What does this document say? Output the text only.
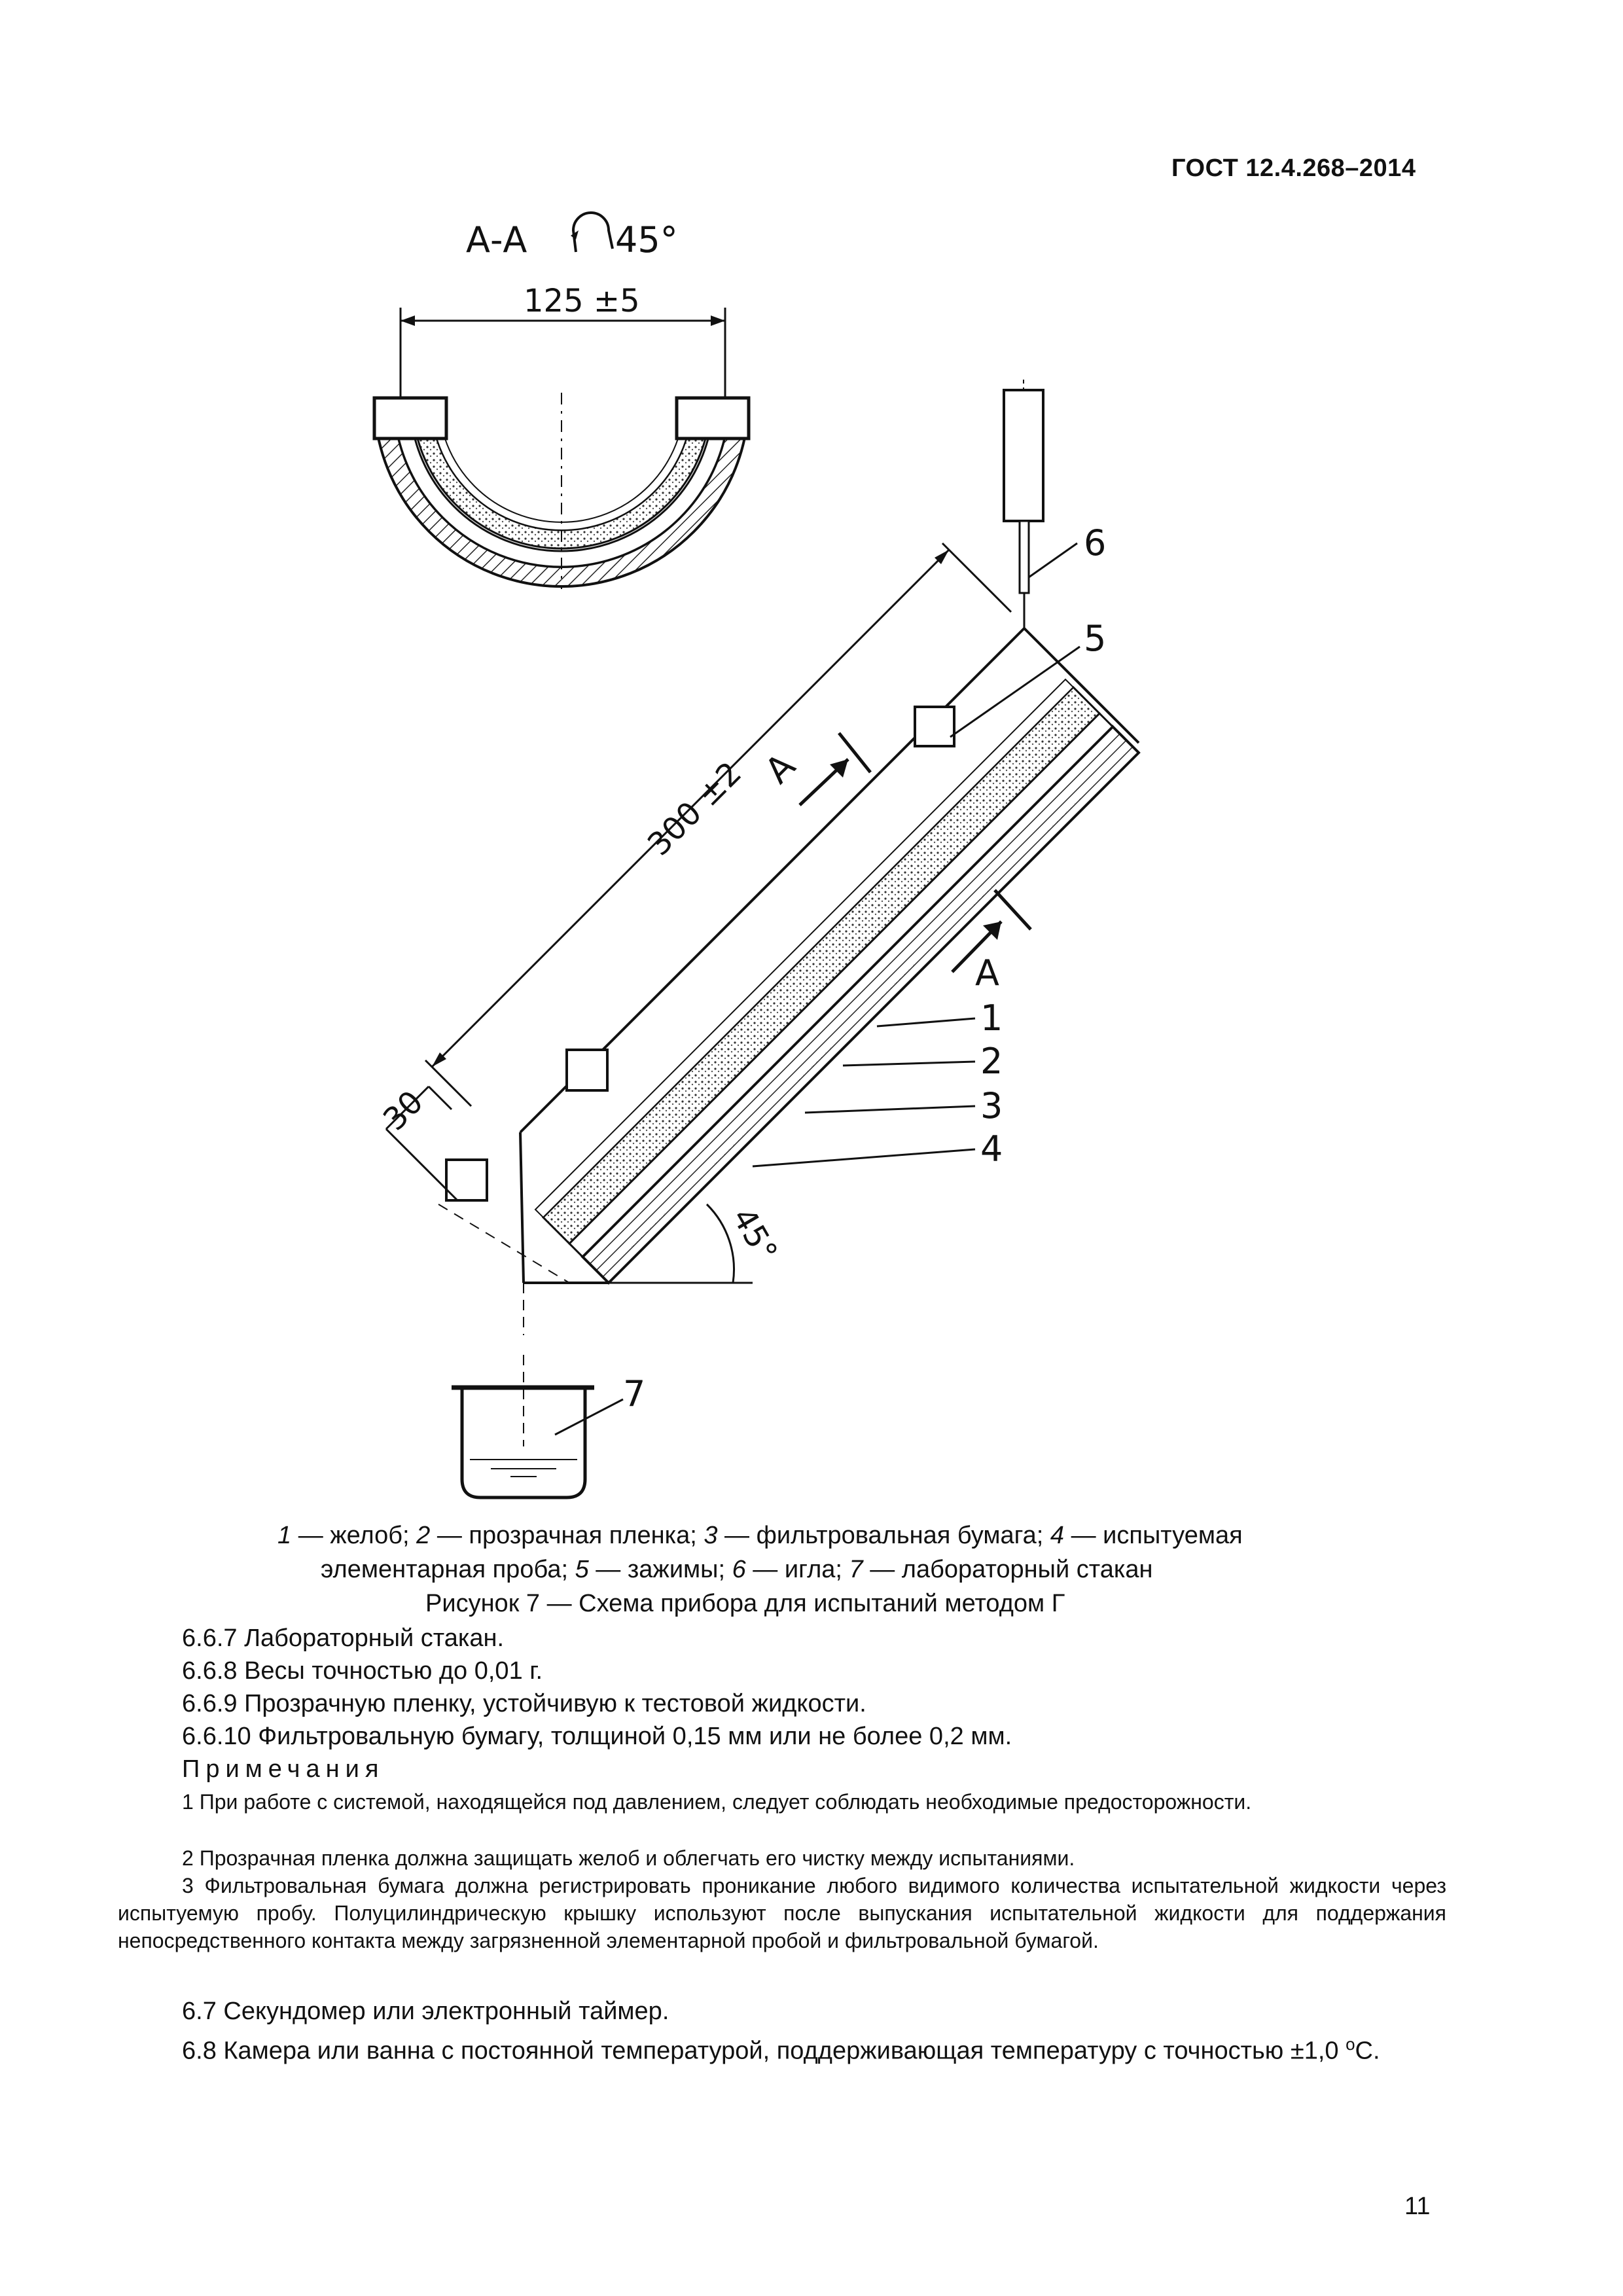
ГОСТ 12.4.268–2014
А-А 45°
125 ±5
300 ±2
30
А
А
45°
6
5
1
2
3
4
7
1 — желоб; 2 — прозрачная пленка; 3 — фильтровальная бумага; 4 — испытуемая
элементарная проба; 5 — зажимы; 6 — игла; 7 — лабораторный стакан
Рисунок 7 — Схема прибора для испытаний методом Г
6.6.7 Лабораторный стакан.
6.6.8 Весы точностью до 0,01 г.
6.6.9 Прозрачную пленку, устойчивую к тестовой жидкости.
6.6.10 Фильтровальную бумагу, толщиной 0,15 мм или не более 0,2 мм.
Примечания
1 При работе с системой, находящейся под давлением, следует соблюдать необходимые предосторожности.
2 Прозрачная пленка должна защищать желоб и облегчать его чистку между испытаниями.
3 Фильтровальная бумага должна регистрировать проникание любого видимого количества испытательной жидкости через испытуемую пробу. Полуцилиндрическую крышку используют после выпускания испытательной жидкости для поддержания непосредственного контакта между загрязненной элементарной пробой и фильтровальной бумагой.
6.7 Секундомер или электронный таймер.
6.8 Камера или ванна с постоянной температурой, поддерживающая температуру с точностью ±1,0 $^о$С.
11
